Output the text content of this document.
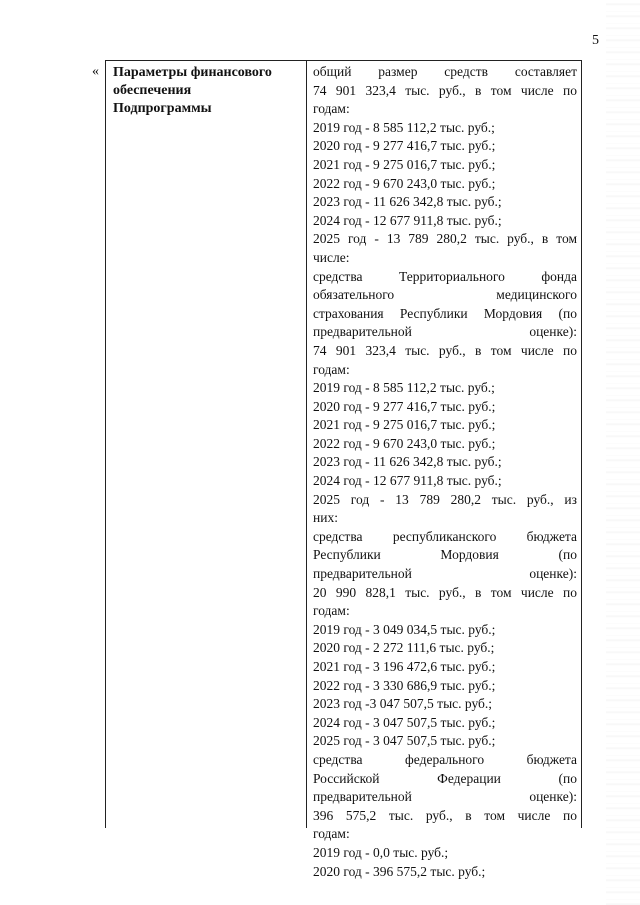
5
« Параметры финансового
обеспечения
Подпрограммы
общий размер средств составляет
74 901 323,4 тыс. руб., в том числе по
годам:
2019 год - 8 585 112,2 тыс. руб.;
2020 год - 9 277 416,7 тыс. руб.;
2021 год - 9 275 016,7 тыс. руб.;
2022 год - 9 670 243,0 тыс. руб.;
2023 год - 11 626 342,8 тыс. руб.;
2024 год - 12 677 911,8 тыс. руб.;
2025 год - 13 789 280,2 тыс. руб., в том
числе:
средства Территориального фонда
обязательного медицинского
страхования Республики Мордовия (по
предварительной оценке):
74 901 323,4 тыс. руб., в том числе по
годам:
2019 год - 8 585 112,2 тыс. руб.;
2020 год - 9 277 416,7 тыс. руб.;
2021 год - 9 275 016,7 тыс. руб.;
2022 год - 9 670 243,0 тыс. руб.;
2023 год - 11 626 342,8 тыс. руб.;
2024 год - 12 677 911,8 тыс. руб.;
2025 год - 13 789 280,2 тыс. руб., из
них:
средства республиканского бюджета
Республики Мордовия (по
предварительной оценке):
20 990 828,1 тыс. руб., в том числе по
годам:
2019 год - 3 049 034,5 тыс. руб.;
2020 год - 2 272 111,6 тыс. руб.;
2021 год - 3 196 472,6 тыс. руб.;
2022 год - 3 330 686,9 тыс. руб.;
2023 год -3 047 507,5 тыс. руб.;
2024 год - 3 047 507,5 тыс. руб.;
2025 год - 3 047 507,5 тыс. руб.;
средства федерального бюджета
Российской Федерации (по
предварительной оценке):
396 575,2 тыс. руб., в том числе по
годам:
2019 год - 0,0 тыс. руб.;
2020 год - 396 575,2 тыс. руб.;
